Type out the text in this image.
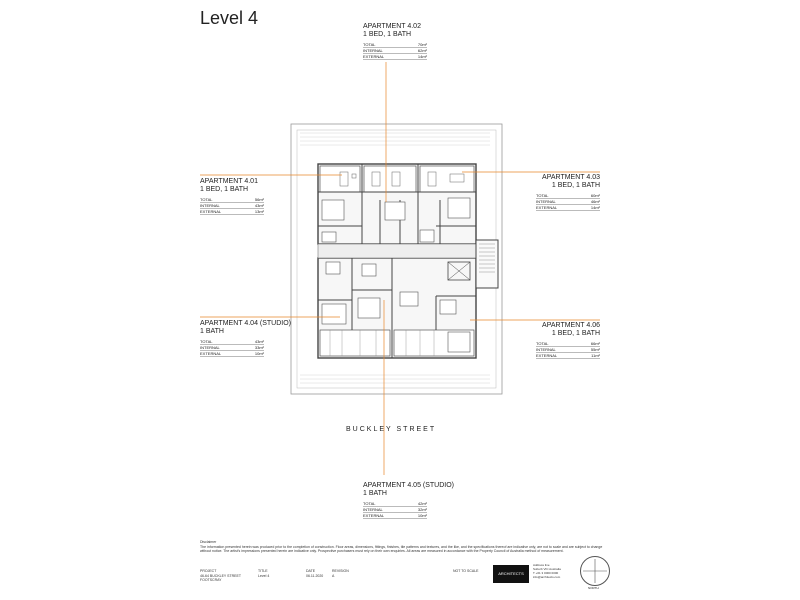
Level 4	APARTMENT 4.02
1 BED, 1 BATH
TOTAL	70m²
INTERNAL	62m²
EXTERNAL	14m²
APARTMENT 4.01
1 BED, 1 BATH
TOTAL	56m²
INTERNAL	43m²
EXTERNAL	13m²
APARTMENT 4.03
1 BED, 1 BATH
TOTAL	60m²
INTERNAL	46m²
EXTERNAL	14m²
APARTMENT 4.04 (STUDIO)
1 BATH
TOTAL	43m²
INTERNAL	33m²
EXTERNAL	10m²
APARTMENT 4.06
1 BED, 1 BATH
TOTAL	66m²
INTERNAL	55m²
EXTERNAL	11m²
APARTMENT 4.05 (STUDIO)
1 BATH
TOTAL	42m²
INTERNAL	32m²
EXTERNAL	10m²
BUCKLEY STREET
Disclaimer
The information presented herein was produced prior to the completion of construction. Floor areas, dimensions, fittings, finishes, tile patterns and textures, and the like, and the specifications thereof are indicative only, are not to scale and are subject to change without notice. The artist's impressions presented herein are indicative only. Prospective purchasers must rely on their own enquiries. All areas are measured in accordance with the Property Council of Australia method of measurement.
PROJECT
46-64 BUCKLEY STREET
FOOTSCRAY
TITLE
Level 4
DATE
06.11.2020
REVISION
A
NOT TO SCALE	ARCHITECTS
Address line
Suburb VIC Australia
T +61 3 0000 0000
info@architects.com
NORTH
